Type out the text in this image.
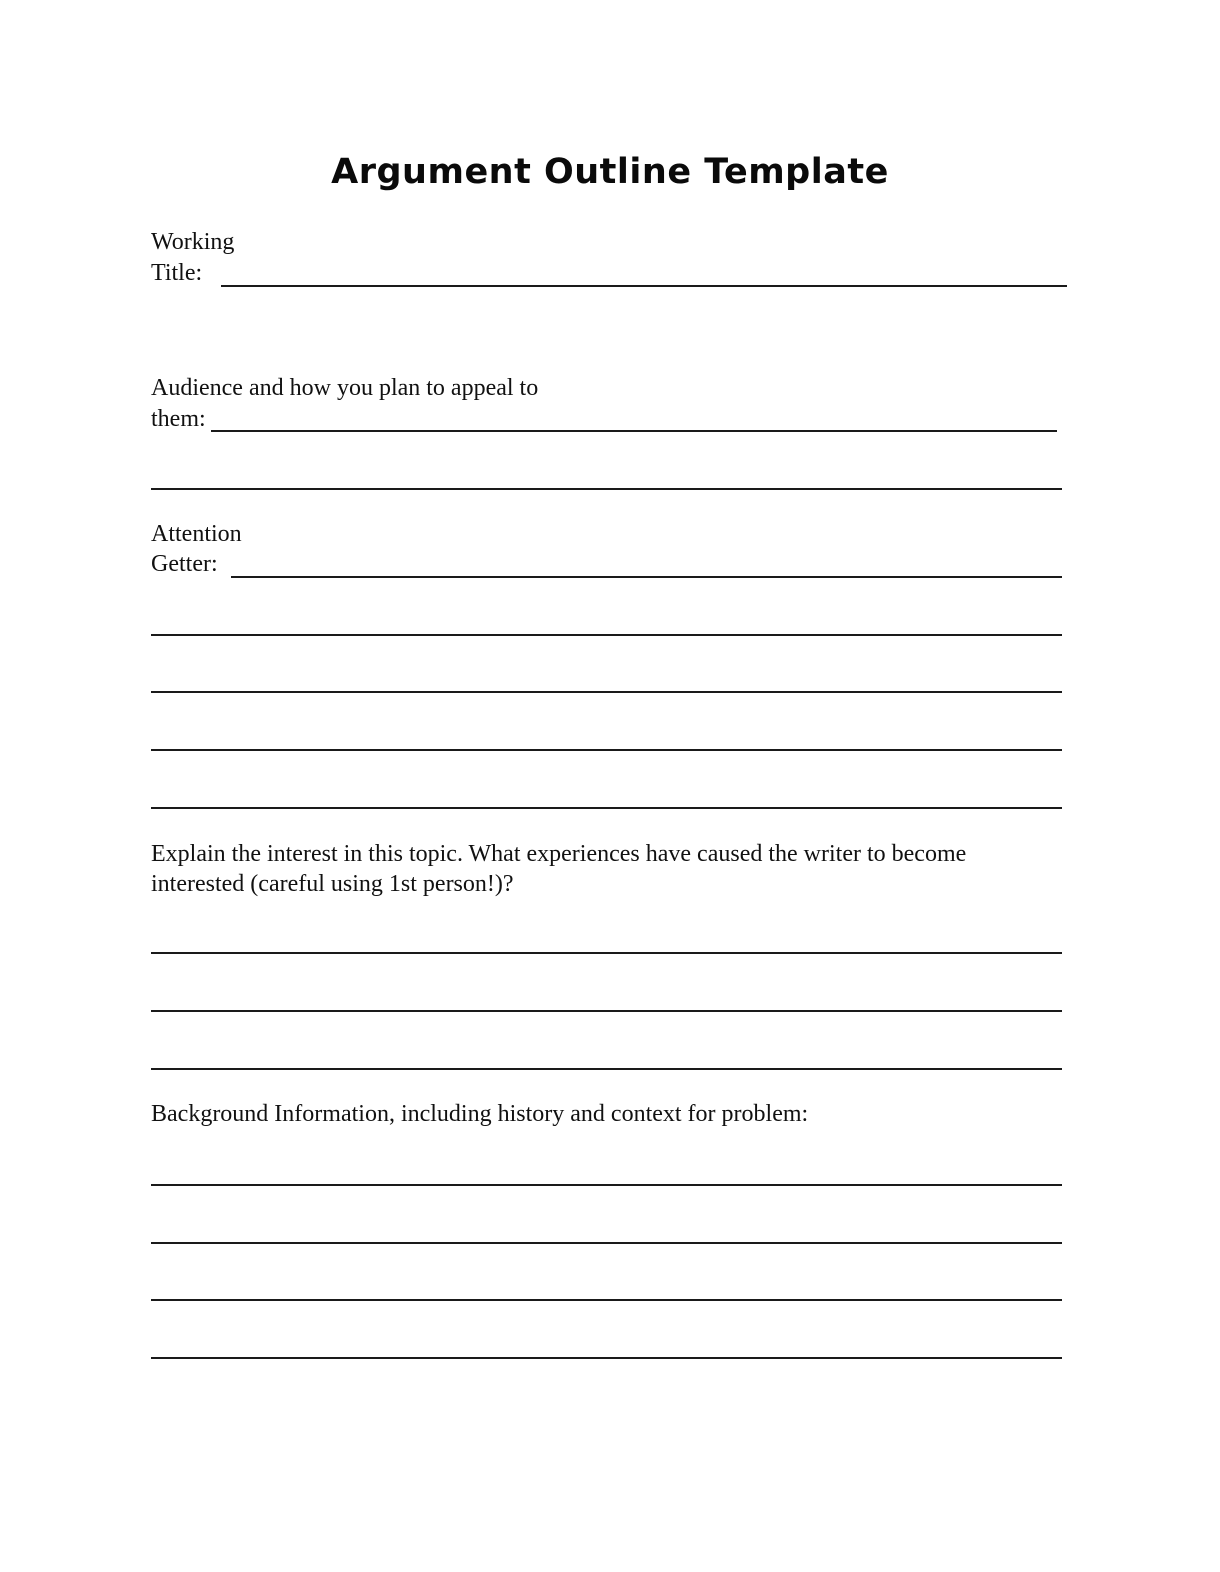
Argument Outline Template
Working
Title:
Audience and how you plan to appeal to
them:
Attention
Getter:
Explain the interest in this topic. What experiences have caused the writer to become
interested (careful using 1st person!)?
Background Information, including history and context for problem:
